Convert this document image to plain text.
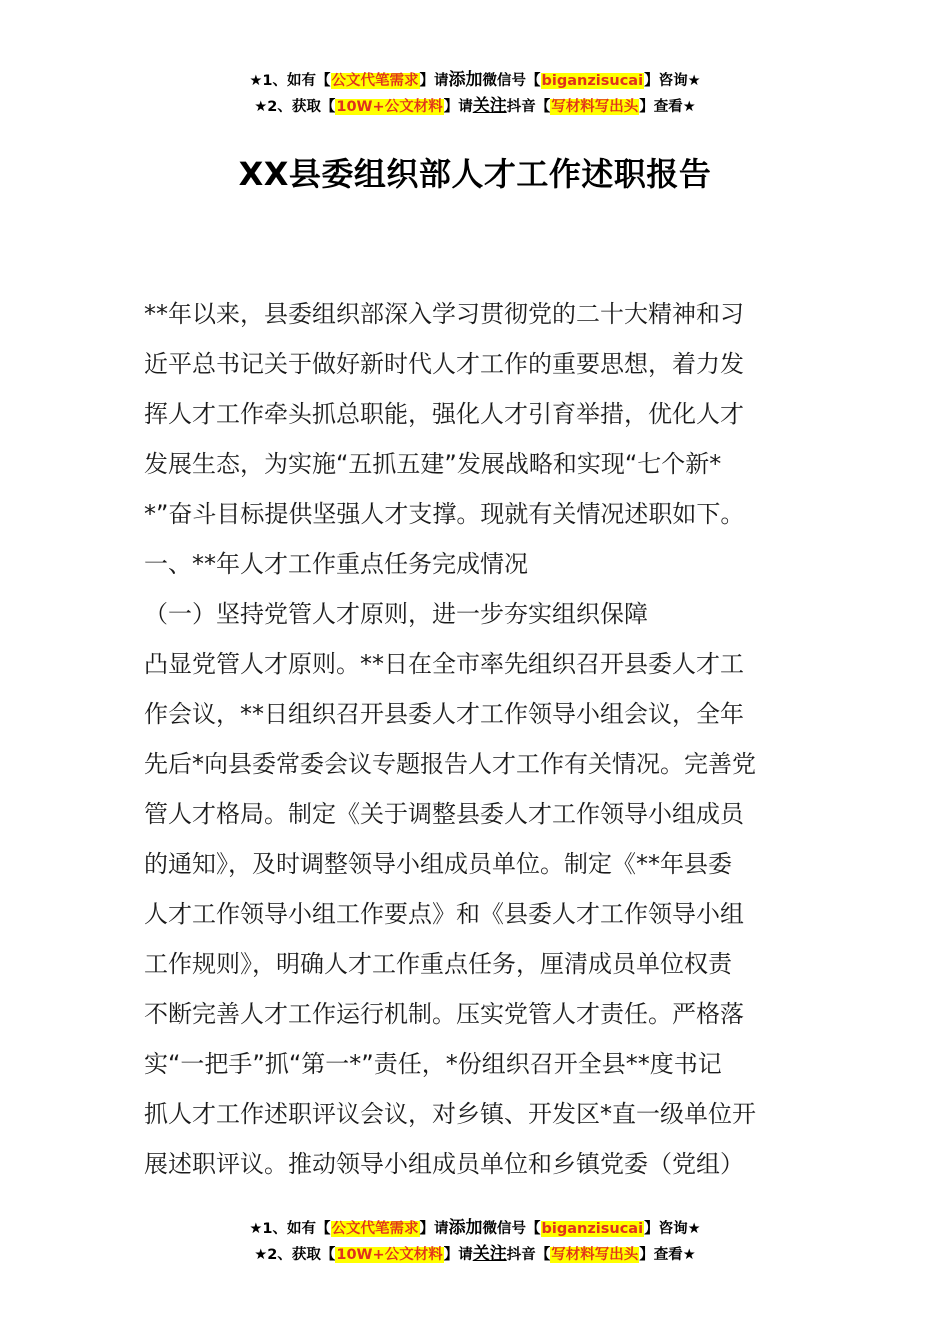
★1、如有【公文代笔需求】请添加微信号【biganzisucai】咨询★
★2、获取【10W+公文材料】请关注抖音【写材料写出头】查看★
XX县委组织部人才工作述职报告
**年以来，县委组织部深入学习贯彻党的二十大精神和习
近平总书记关于做好新时代人才工作的重要思想，着力发
挥人才工作牵头抓总职能，强化人才引育举措，优化人才
发展生态，为实施“五抓五建”发展战略和实现“七个新*
*”奋斗目标提供坚强人才支撑。现就有关情况述职如下。
一、**年人才工作重点任务完成情况
（一）坚持党管人才原则，进一步夯实组织保障
凸显党管人才原则。**日在全市率先组织召开县委人才工
作会议，**日组织召开县委人才工作领导小组会议，全年
先后*向县委常委会议专题报告人才工作有关情况。完善党
管人才格局。制定《关于调整县委人才工作领导小组成员
的通知》，及时调整领导小组成员单位。制定《**年县委
人才工作领导小组工作要点》和《县委人才工作领导小组
工作规则》，明确人才工作重点任务，厘清成员单位权责
不断完善人才工作运行机制。压实党管人才责任。严格落
实“一把手”抓“第一*”责任，*份组织召开全县**度书记
抓人才工作述职评议会议，对乡镇、开发区*直一级单位开
展述职评议。推动领导小组成员单位和乡镇党委（党组）
★1、如有【公文代笔需求】请添加微信号【biganzisucai】咨询★
★2、获取【10W+公文材料】请关注抖音【写材料写出头】查看★
